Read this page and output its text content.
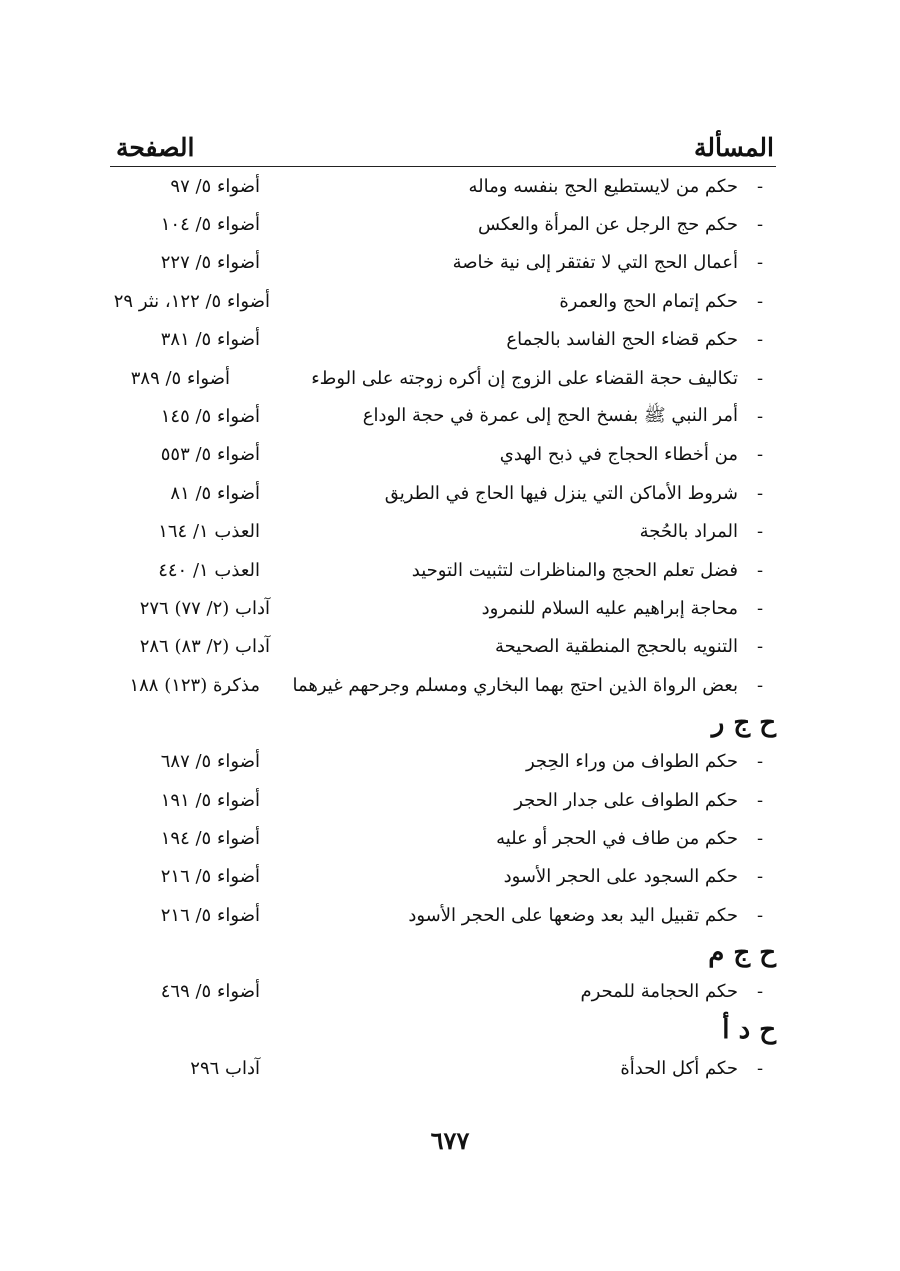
المسألة
الصفحة
-
حكم من لايستطيع الحج بنفسه وماله
أضواء ٥/ ٩٧
-
حكم حج الرجل عن المرأة والعكس
أضواء ٥/ ١٠٤
-
أعمال الحج التي لا تفتقر إلى نية خاصة
أضواء ٥/ ٢٢٧
-
حكم إتمام الحج والعمرة
أضواء ٥/ ١٢٢، نثر ٢٩
-
حكم قضاء الحج الفاسد بالجماع
أضواء ٥/ ٣٨١
-
تكاليف حجة القضاء على الزوج إن أكره زوجته على الوطء
أضواء ٥/ ٣٨٩
-
أمر النبي ﷺ بفسخ الحج إلى عمرة في حجة الوداع
أضواء ٥/ ١٤٥
-
من أخطاء الحجاج في ذبح الهدي
أضواء ٥/ ٥٥٣
-
شروط الأماكن التي ينزل فيها الحاج في الطريق
أضواء ٥/ ٨١
-
المراد بالحُجة
العذب ١/ ١٦٤
-
فضل تعلم الحجج والمناظرات لتثبيت التوحيد
العذب ١/ ٤٤٠
-
محاجة إبراهيم عليه السلام للنمرود
آداب (٢/ ٧٧) ٢٧٦
-
التنويه بالحجج المنطقية الصحيحة
آداب (٢/ ٨٣) ٢٨٦
-
بعض الرواة الذين احتج بهما البخاري ومسلم وجرحهم غيرهما
مذكرة (١٢٣) ١٨٨
ح ج ر
-
حكم الطواف من وراء الحِجر
أضواء ٥/ ٦٨٧
-
حكم الطواف على جدار الحجر
أضواء ٥/ ١٩١
-
حكم من طاف في الحجر أو عليه
أضواء ٥/ ١٩٤
-
حكم السجود على الحجر الأسود
أضواء ٥/ ٢١٦
-
حكم تقبيل اليد بعد وضعها على الحجر الأسود
أضواء ٥/ ٢١٦
ح ج م
-
حكم الحجامة للمحرم
أضواء ٥/ ٤٦٩
ح د أ
-
حكم أكل الحدأة
آداب ٢٩٦
٦٧٧
